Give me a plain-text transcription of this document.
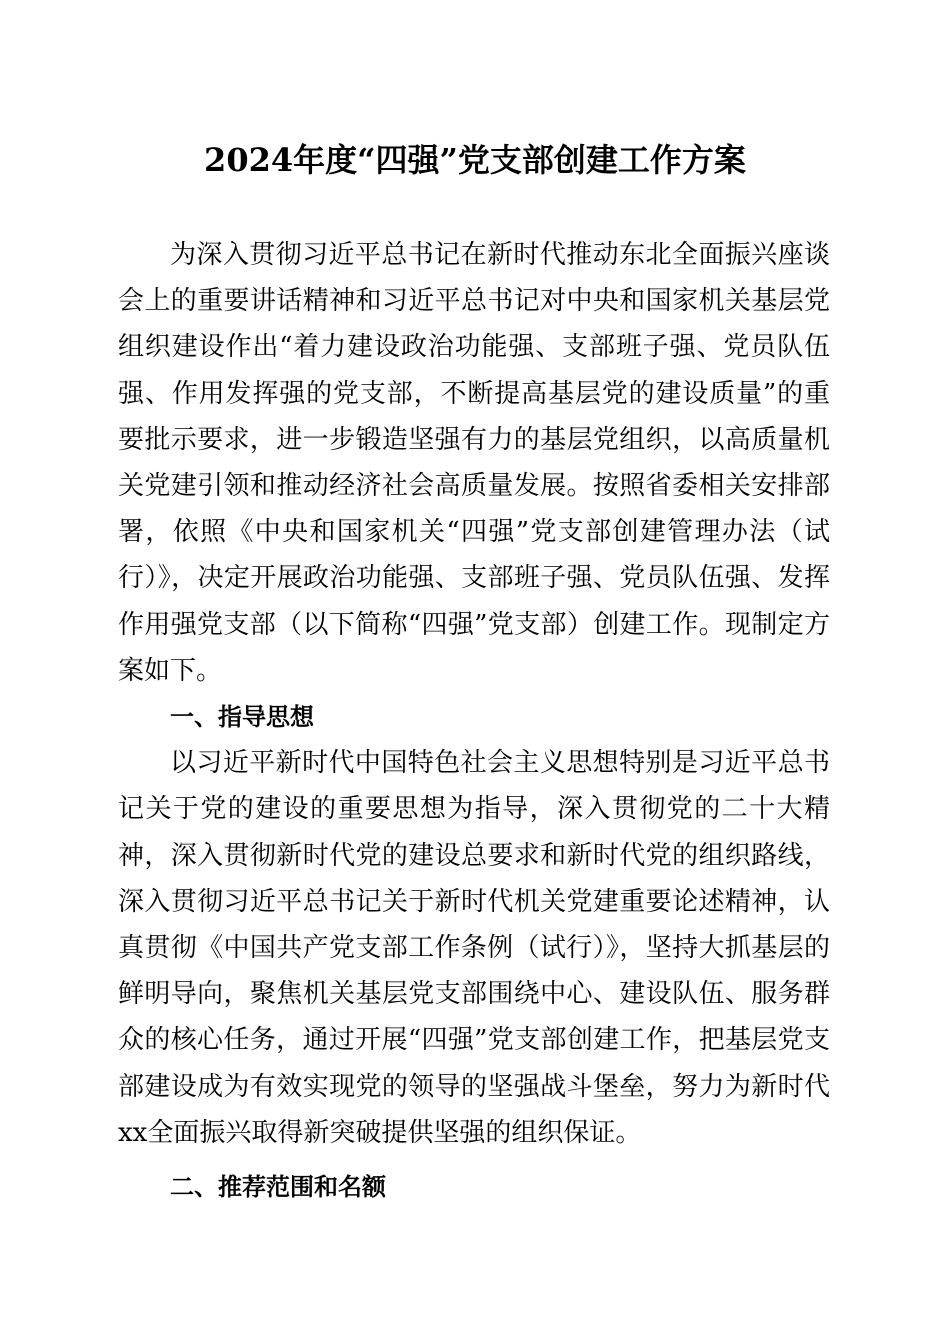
2024年度“四强”党支部创建工作方案

为深入贯彻习近平总书记在新时代推动东北全面振兴座谈会上的重要讲话精神和习近平总书记对中央和国家机关基层党组织建设作出“着力建设政治功能强、支部班子强、党员队伍强、作用发挥强的党支部，不断提高基层党的建设质量”的重要批示要求，进一步锻造坚强有力的基层党组织，以高质量机关党建引领和推动经济社会高质量发展。按照省委相关安排部署，依照《中央和国家机关“四强”党支部创建管理办法（试行）》，决定开展政治功能强、支部班子强、党员队伍强、发挥作用强党支部（以下简称“四强”党支部）创建工作。现制定方案如下。

一、指导思想

以习近平新时代中国特色社会主义思想特别是习近平总书记关于党的建设的重要思想为指导，深入贯彻党的二十大精神，深入贯彻新时代党的建设总要求和新时代党的组织路线，深入贯彻习近平总书记关于新时代机关党建重要论述精神，认真贯彻《中国共产党支部工作条例（试行）》，坚持大抓基层的鲜明导向，聚焦机关基层党支部围绕中心、建设队伍、服务群众的核心任务，通过开展“四强”党支部创建工作，把基层党支部建设成为有效实现党的领导的坚强战斗堡垒，努力为新时代xx全面振兴取得新突破提供坚强的组织保证。

二、推荐范围和名额
